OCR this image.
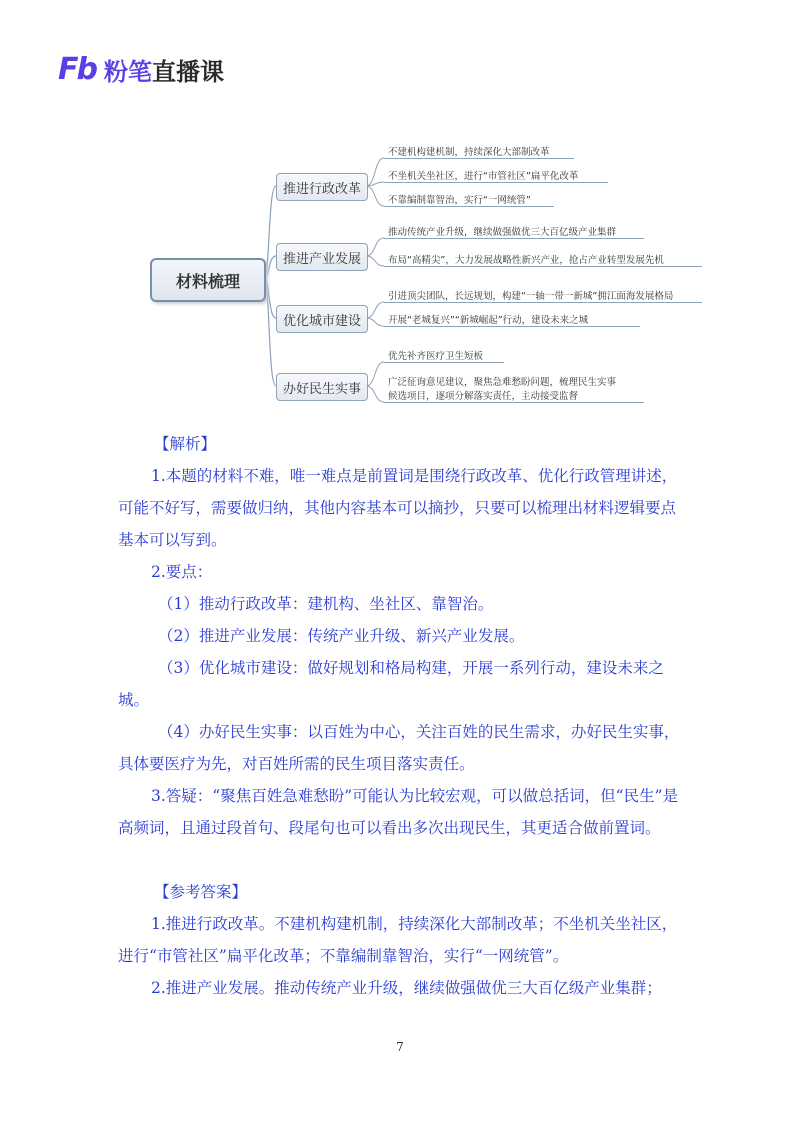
Fb 粉笔直播课
材料梳理
推进行政改革
推进产业发展
优化城市建设
办好民生实事
不建机构建机制，持续深化大部制改革
不坐机关坐社区，进行“市管社区”扁平化改革
不靠编制靠智治，实行“一网统管”
推动传统产业升级，继续做强做优三大百亿级产业集群
布局“高精尖”，大力发展战略性新兴产业，抢占产业转型发展先机
引进顶尖团队，长远规划，构建“一轴一带一新城”拥江面海发展格局
开展“老城复兴”“新城崛起”行动，建设未来之城
优先补齐医疗卫生短板
广泛征询意见建议，聚焦急难愁盼问题，梳理民生实事
候选项目，逐项分解落实责任，主动接受监督

【解析】

1.本题的材料不难，唯一难点是前置词是围绕行政改革、优化行政管理讲述，可能不好写，需要做归纳，其他内容基本可以摘抄，只要可以梳理出材料逻辑要点基本可以写到。

2.要点：

（1）推动行政改革：建机构、坐社区、靠智治。

（2）推进产业发展：传统产业升级、新兴产业发展。

（3）优化城市建设：做好规划和格局构建，开展一系列行动，建设未来之城。

（4）办好民生实事：以百姓为中心，关注百姓的民生需求，办好民生实事，具体要医疗为先，对百姓所需的民生项目落实责任。

3.答疑：“聚焦百姓急难愁盼”可能认为比较宏观，可以做总括词，但“民生”是高频词，且通过段首句、段尾句也可以看出多次出现民生，其更适合做前置词。

【参考答案】

1.推进行政改革。不建机构建机制，持续深化大部制改革；不坐机关坐社区，进行“市管社区”扁平化改革；不靠编制靠智治，实行“一网统管”。

2.推进产业发展。推动传统产业升级，继续做强做优三大百亿级产业集群；

7
